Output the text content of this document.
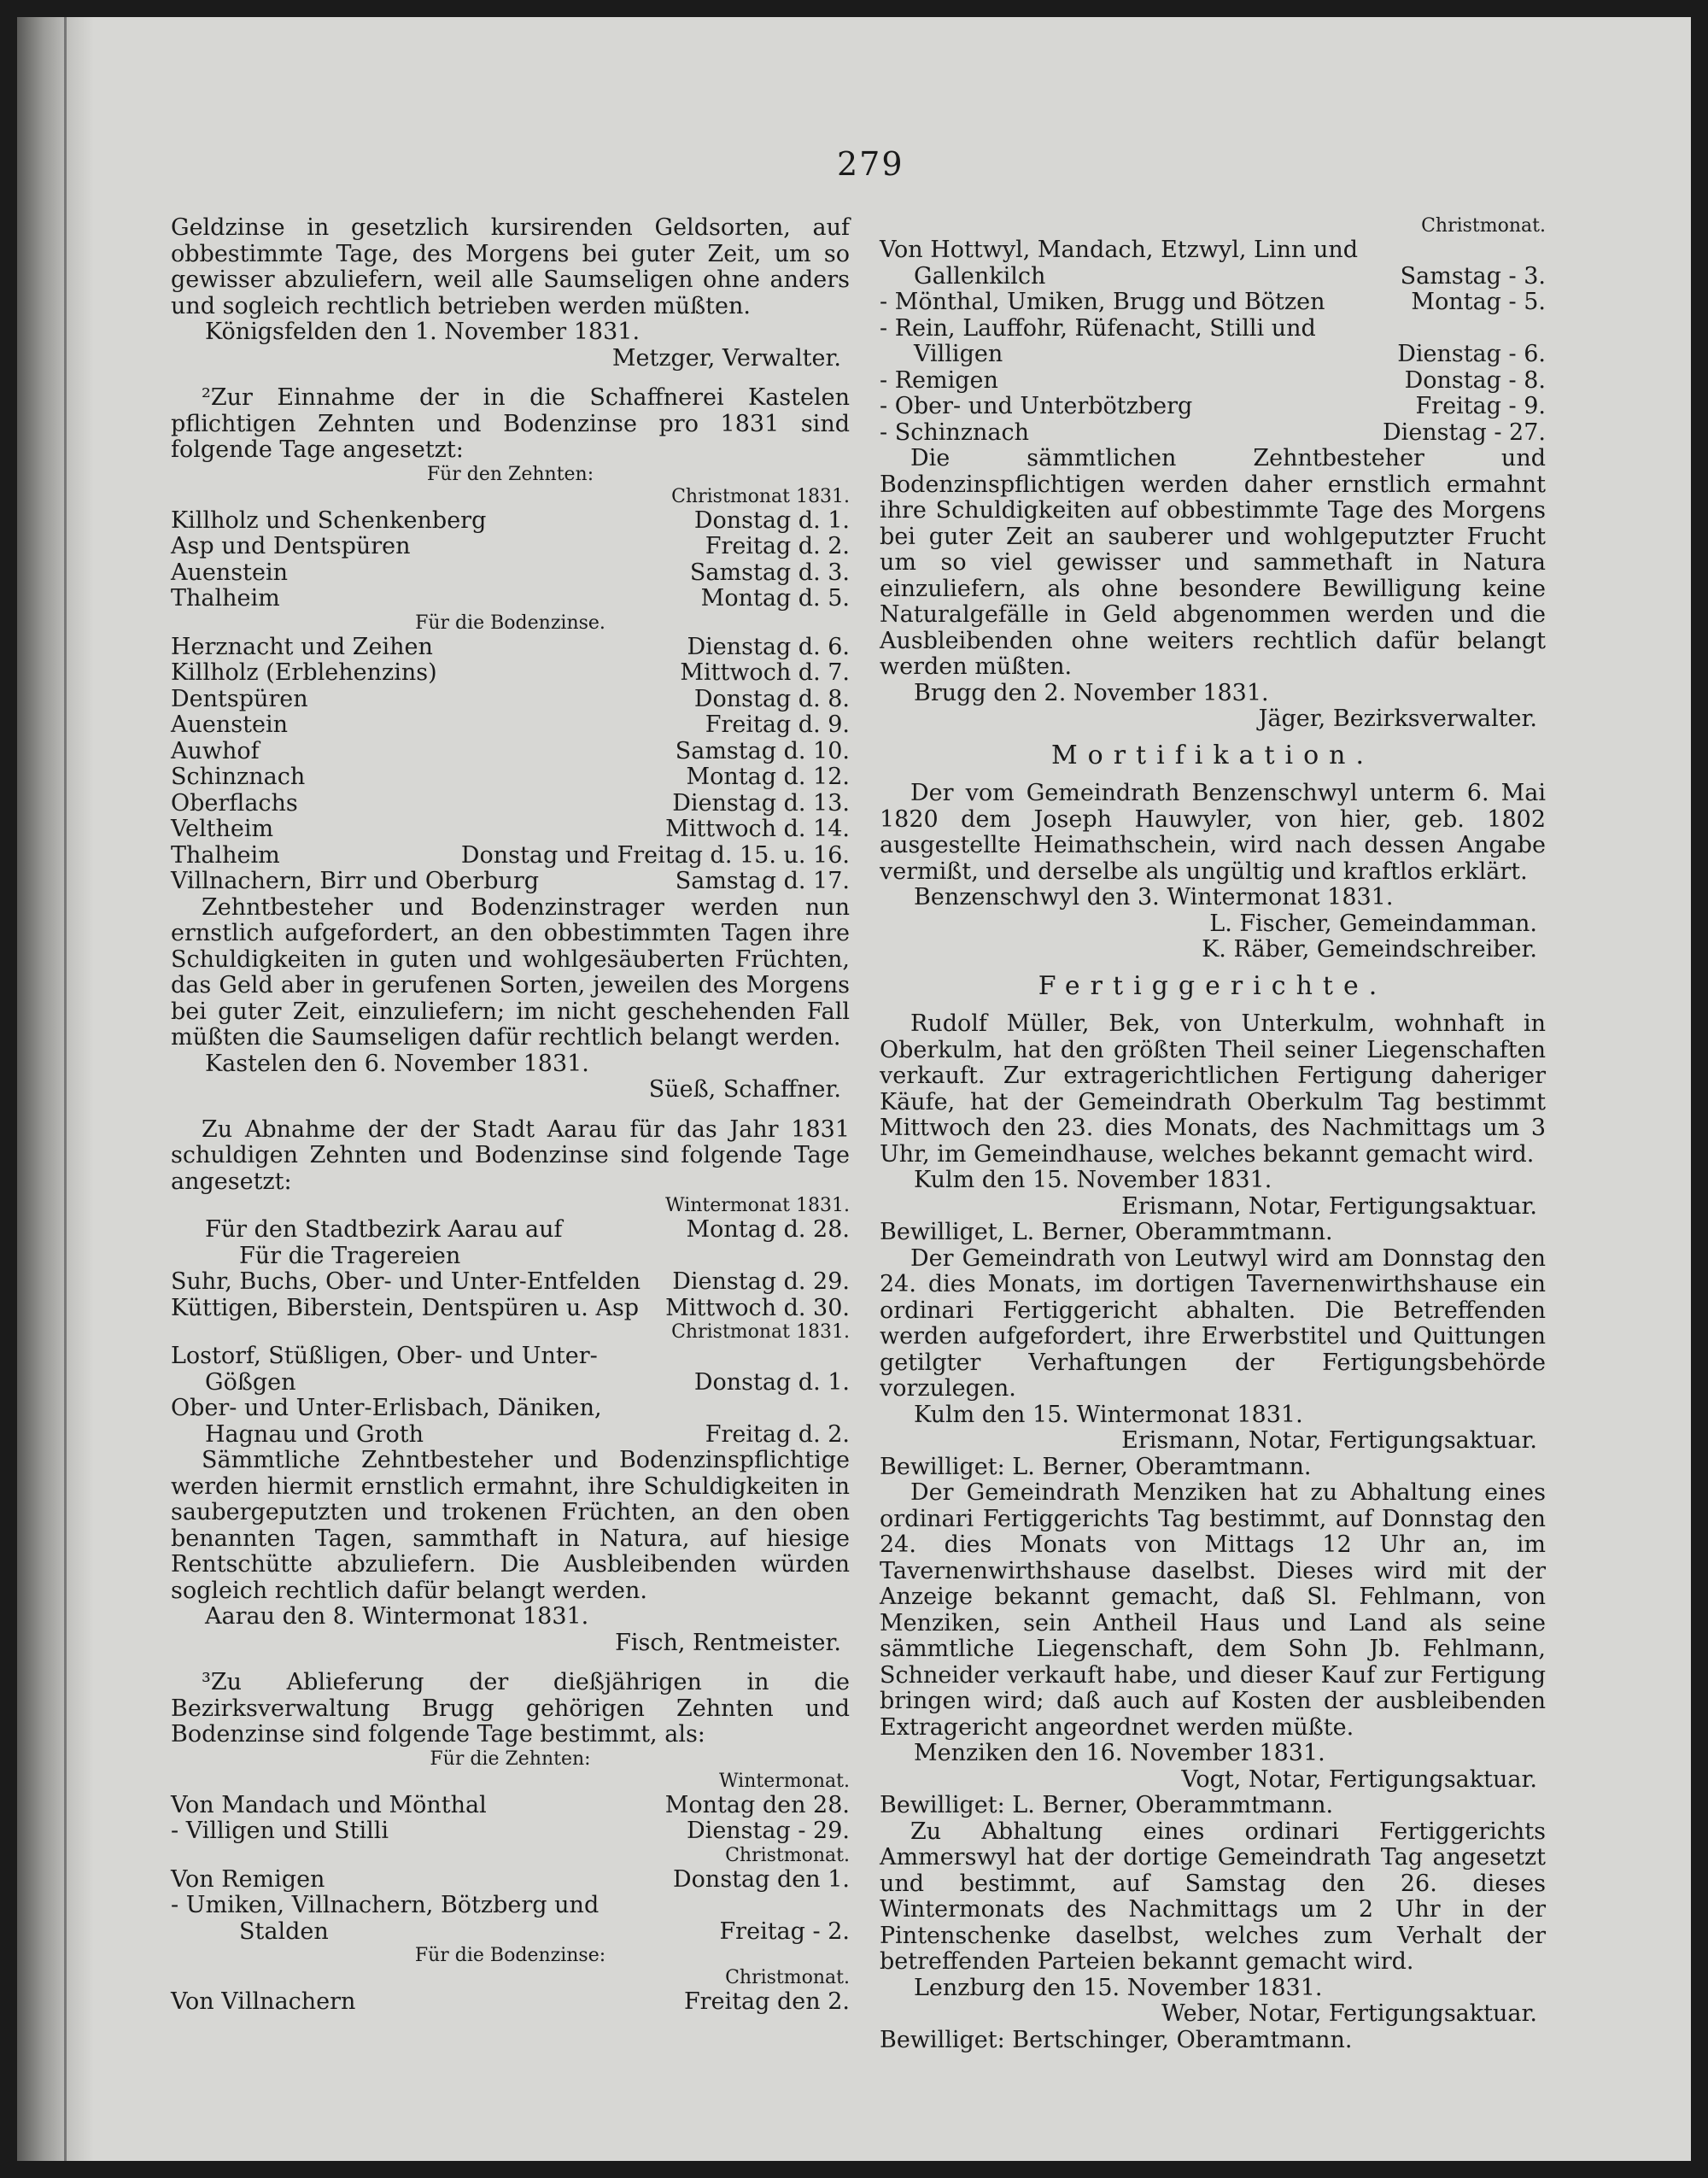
279

Geldzinse in gesetzlich kursirenden Geldsorten, auf obbestimmte Tage, des Morgens bei guter Zeit, um so gewisser abzuliefern, weil alle Saumseligen ohne anders und sogleich rechtlich betrieben werden müßten.

Königsfelden den 1. November 1831.
Metzger, Verwalter.

²Zur Einnahme der in die Schaffnerei Kastelen pflichtigen Zehnten und Bodenzinse pro 1831 sind folgende Tage angesetzt:

Für den Zehnten:
Christmonat 1831.
Killholz und Schenkenberg	Donstag d. 1.
Asp und Dentspüren	Freitag d. 2.
Auenstein	Samstag d. 3.
Thalheim	Montag d. 5.
Für die Bodenzinse.
Herznacht und Zeihen	Dienstag d. 6.
Killholz (Erblehenzins)	Mittwoch d. 7.
Dentspüren	Donstag d. 8.
Auenstein	Freitag d. 9.
Auwhof	Samstag d. 10.
Schinznach	Montag d. 12.
Oberflachs	Dienstag d. 13.
Veltheim	Mittwoch d. 14.
Thalheim	Donstag und Freitag d. 15. u. 16.
Villnachern, Birr und Oberburg	Samstag d. 17.

Zehntbesteher und Bodenzinstrager werden nun ernstlich aufgefordert, an den obbestimmten Tagen ihre Schuldigkeiten in guten und wohlgesäuberten Früchten, das Geld aber in gerufenen Sorten, jeweilen des Morgens bei guter Zeit, einzuliefern; im nicht geschehenden Fall müßten die Saumseligen dafür rechtlich belangt werden.

Kastelen den 6. November 1831.
Süeß, Schaffner.

Zu Abnahme der der Stadt Aarau für das Jahr 1831 schuldigen Zehnten und Bodenzinse sind folgende Tage angesetzt:

Wintermonat 1831.
Für den Stadtbezirk Aarau auf	Montag d. 28.
Für die Tragereien
Suhr, Buchs, Ober- und Unter-Entfelden Dienstag d. 29.
Küttigen, Biberstein, Dentspüren u. Asp Mittwoch d. 30.
Christmonat 1831.
Lostorf, Stüßligen, Ober- und Unter-
Gößgen	Donstag d. 1.
Ober- und Unter-Erlisbach, Däniken,
Hagnau und Groth	Freitag d. 2.

Sämmtliche Zehntbesteher und Bodenzinspflichtige werden hiermit ernstlich ermahnt, ihre Schuldigkeiten in saubergeputzten und trokenen Früchten, an den oben benannten Tagen, sammthaft in Natura, auf hiesige Rentschütte abzuliefern. Die Ausbleibenden würden sogleich rechtlich dafür belangt werden.

Aarau den 8. Wintermonat 1831.
Fisch, Rentmeister.

³Zu Ablieferung der dießjährigen in die Bezirksverwaltung Brugg gehörigen Zehnten und Bodenzinse sind folgende Tage bestimmt, als:

Für die Zehnten:
Wintermonat.
Von Mandach und Mönthal	Montag den 28.
‑ Villigen und Stilli	Dienstag ‑ 29.
Christmonat.
Von Remigen	Donstag den 1.
‑ Umiken, Villnachern, Bötzberg und
Stalden	Freitag ‑ 2.
Für die Bodenzinse:
Christmonat.
Von Villnachern	Freitag den 2.
Christmonat.
Von Hottwyl, Mandach, Etzwyl, Linn und
Gallenkilch	Samstag ‑ 3.
‑ Mönthal, Umiken, Brugg und Bötzen	Montag ‑ 5.
‑ Rein, Lauffohr, Rüfenacht, Stilli und
Villigen	Dienstag ‑ 6.
‑ Remigen	Donstag ‑ 8.
‑ Ober- und Unterbötzberg	Freitag ‑ 9.
‑ Schinznach	Dienstag ‑ 27.

Die sämmtlichen Zehntbesteher und Bodenzinspflichtigen werden daher ernstlich ermahnt ihre Schuldigkeiten auf obbestimmte Tage des Morgens bei guter Zeit an sauberer und wohlgeputzter Frucht um so viel gewisser und sammethaft in Natura einzuliefern, als ohne besondere Bewilligung keine Naturalgefälle in Geld abgenommen werden und die Ausbleibenden ohne weiters rechtlich dafür belangt werden müßten.

Brugg den 2. November 1831.
Jäger, Bezirksverwalter.
Mortifikation.

Der vom Gemeindrath Benzenschwyl unterm 6. Mai 1820 dem Joseph Hauwyler, von hier, geb. 1802 ausgestellte Heimathschein, wird nach dessen Angabe vermißt, und derselbe als ungültig und kraftlos erklärt.

Benzenschwyl den 3. Wintermonat 1831.
L. Fischer, Gemeindamman.
K. Räber, Gemeindschreiber.
Fertiggerichte.

Rudolf Müller, Bek, von Unterkulm, wohnhaft in Oberkulm, hat den größten Theil seiner Liegenschaften verkauft. Zur extragerichtlichen Fertigung daheriger Käufe, hat der Gemeindrath Oberkulm Tag bestimmt Mittwoch den 23. dies Monats, des Nachmittags um 3 Uhr, im Gemeindhause, welches bekannt gemacht wird.

Kulm den 15. November 1831.
Erismann, Notar, Fertigungsaktuar.
Bewilliget, L. Berner, Oberammtmann.

Der Gemeindrath von Leutwyl wird am Donnstag den 24. dies Monats, im dortigen Tavernenwirthshause ein ordinari Fertiggericht abhalten. Die Betreffenden werden aufgefordert, ihre Erwerbstitel und Quittungen getilgter Verhaftungen der Fertigungsbehörde vorzulegen.

Kulm den 15. Wintermonat 1831.
Erismann, Notar, Fertigungsaktuar.
Bewilliget: L. Berner, Oberamtmann.

Der Gemeindrath Menziken hat zu Abhaltung eines ordinari Fertiggerichts Tag bestimmt, auf Donnstag den 24. dies Monats von Mittags 12 Uhr an, im Tavernenwirthshause daselbst. Dieses wird mit der Anzeige bekannt gemacht, daß Sl. Fehlmann, von Menziken, sein Antheil Haus und Land als seine sämmtliche Liegenschaft, dem Sohn Jb. Fehlmann, Schneider verkauft habe, und dieser Kauf zur Fertigung bringen wird; daß auch auf Kosten der ausbleibenden Extragericht angeordnet werden müßte.

Menziken den 16. November 1831.
Vogt, Notar, Fertigungsaktuar.
Bewilliget: L. Berner, Oberammtmann.

Zu Abhaltung eines ordinari Fertiggerichts Ammerswyl hat der dortige Gemeindrath Tag angesetzt und bestimmt, auf Samstag den 26. dieses Wintermonats des Nachmittags um 2 Uhr in der Pintenschenke daselbst, welches zum Verhalt der betreffenden Parteien bekannt gemacht wird.

Lenzburg den 15. November 1831.
Weber, Notar, Fertigungsaktuar.
Bewilliget: Bertschinger, Oberamtmann.
